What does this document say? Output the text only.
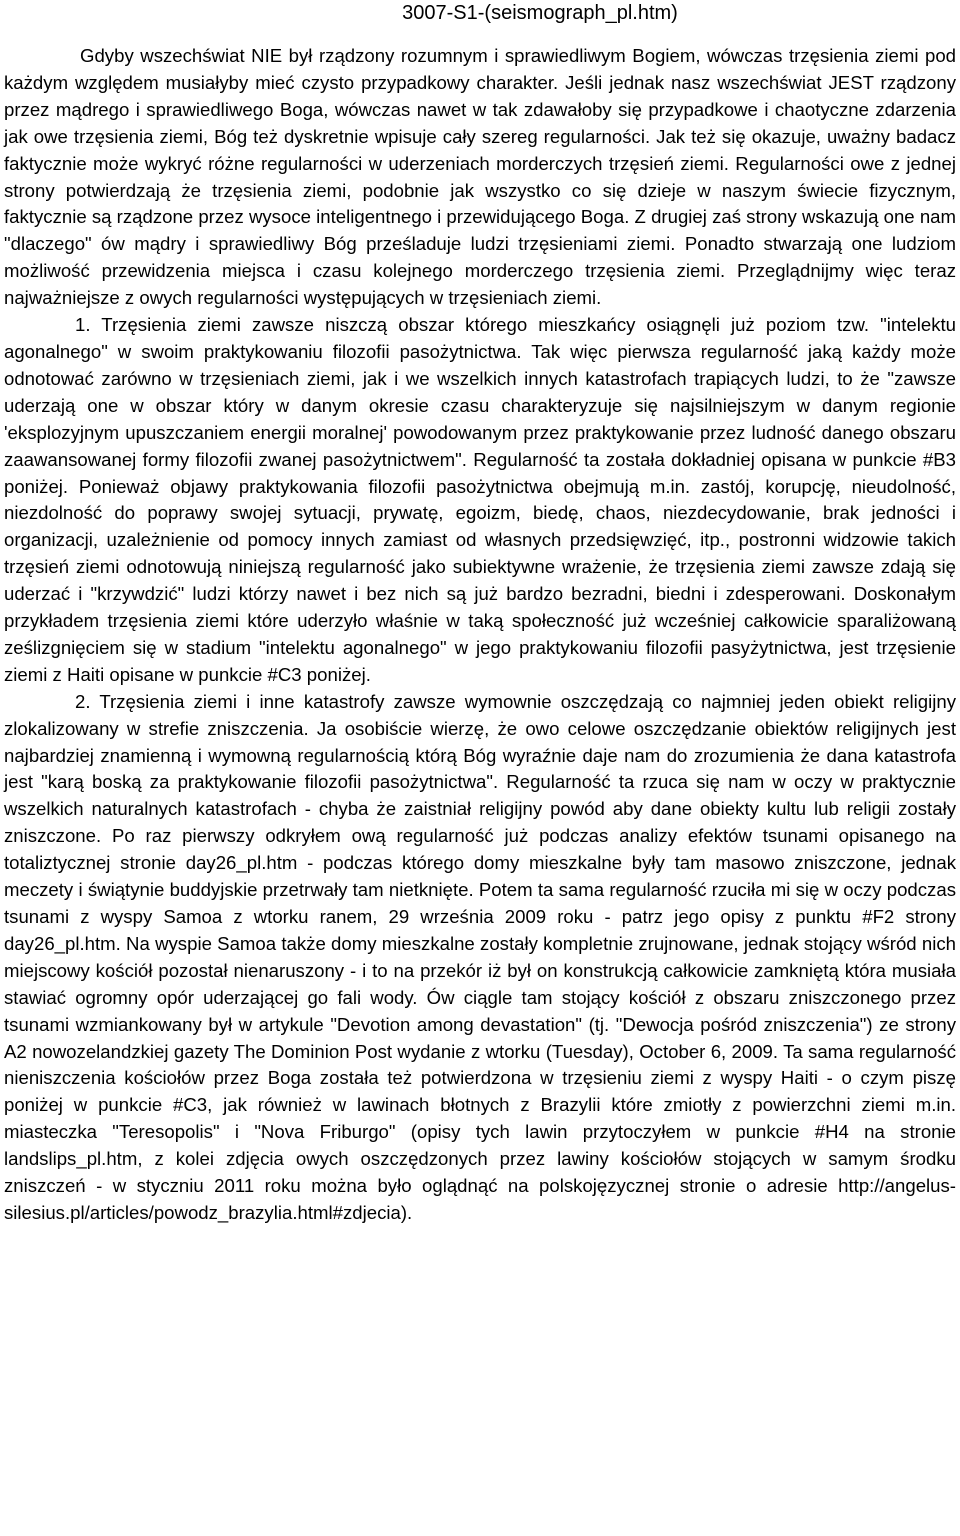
3007-S1-(seismograph_pl.htm)

Gdyby wszechświat NIE był rządzony rozumnym i sprawiedliwym Bogiem, wówczas trzęsienia ziemi pod każdym względem musiałyby mieć czysto przypadkowy charakter. Jeśli jednak nasz wszechświat JEST rządzony przez mądrego i sprawiedliwego Boga, wówczas nawet w tak zdawałoby się przypadkowe i chaotyczne zdarzenia jak owe trzęsienia ziemi, Bóg też dyskretnie wpisuje cały szereg regularności. Jak też się okazuje, uważny badacz faktycznie może wykryć różne regularności w uderzeniach morderczych trzęsień ziemi. Regularności owe z jednej strony potwierdzają że trzęsienia ziemi, podobnie jak wszystko co się dzieje w naszym świecie fizycznym, faktycznie są rządzone przez wysoce inteligentnego i przewidującego Boga. Z drugiej zaś strony wskazują one nam "dlaczego" ów mądry i sprawiedliwy Bóg prześladuje ludzi trzęsieniami ziemi. Ponadto stwarzają one ludziom możliwość przewidzenia miejsca i czasu kolejnego morderczego trzęsienia ziemi. Przeglądnijmy więc teraz najważniejsze z owych regularności występujących w trzęsieniach ziemi.

1. Trzęsienia ziemi zawsze niszczą obszar którego mieszkańcy osiągnęli już poziom tzw. "intelektu agonalnego" w swoim praktykowaniu filozofii pasożytnictwa. Tak więc pierwsza regularność jaką każdy może odnotować zarówno w trzęsieniach ziemi, jak i we wszelkich innych katastrofach trapiących ludzi, to że "zawsze uderzają one w obszar który w danym okresie czasu charakteryzuje się najsilniejszym w danym regionie 'eksplozyjnym upuszczaniem energii moralnej' powodowanym przez praktykowanie przez ludność danego obszaru zaawansowanej formy filozofii zwanej pasożytnictwem". Regularność ta została dokładniej opisana w punkcie #B3 poniżej. Ponieważ objawy praktykowania filozofii pasożytnictwa obejmują m.in. zastój, korupcję, nieudolność, niezdolność do poprawy swojej sytuacji, prywatę, egoizm, biedę, chaos, niezdecydowanie, brak jedności i organizacji, uzależnienie od pomocy innych zamiast od własnych przedsięwzięć, itp., postronni widzowie takich trzęsień ziemi odnotowują niniejszą regularność jako subiektywne wrażenie, że trzęsienia ziemi zawsze zdają się uderzać i "krzywdzić" ludzi którzy nawet i bez nich są już bardzo bezradni, biedni i zdesperowani. Doskonałym przykładem trzęsienia ziemi które uderzyło właśnie w taką społeczność już wcześniej całkowicie sparaliżowaną ześlizgnięciem się w stadium "intelektu agonalnego" w jego praktykowaniu filozofii pasyżytnictwa, jest trzęsienie ziemi z Haiti opisane w punkcie #C3 poniżej.

2. Trzęsienia ziemi i inne katastrofy zawsze wymownie oszczędzają co najmniej jeden obiekt religijny zlokalizowany w strefie zniszczenia. Ja osobiście wierzę, że owo celowe oszczędzanie obiektów religijnych jest najbardziej znamienną i wymowną regularnością którą Bóg wyraźnie daje nam do zrozumienia że dana katastrofa jest "karą boską za praktykowanie filozofii pasożytnictwa". Regularność ta rzuca się nam w oczy w praktycznie wszelkich naturalnych katastrofach - chyba że zaistniał religijny powód aby dane obiekty kultu lub religii zostały zniszczone. Po raz pierwszy odkryłem ową regularność już podczas analizy efektów tsunami opisanego na totaliztycznej stronie day26_pl.htm - podczas którego domy mieszkalne były tam masowo zniszczone, jednak meczety i świątynie buddyjskie przetrwały tam nietknięte. Potem ta sama regularność rzuciła mi się w oczy podczas tsunami z wyspy Samoa z wtorku ranem, 29 września 2009 roku - patrz jego opisy z punktu #F2 strony day26_pl.htm. Na wyspie Samoa także domy mieszkalne zostały kompletnie zrujnowane, jednak stojący wśród nich miejscowy kościół pozostał nienaruszony - i to na przekór iż był on konstrukcją całkowicie zamkniętą która musiała stawiać ogromny opór uderzającej go fali wody. Ów ciągle tam stojący kościół z obszaru zniszczonego przez tsunami wzmiankowany był w artykule "Devotion among devastation" (tj. "Dewocja pośród zniszczenia") ze strony A2 nowozelandzkiej gazety The Dominion Post wydanie z wtorku (Tuesday), October 6, 2009. Ta sama regularność nieniszczenia kościołów przez Boga została też potwierdzona w trzęsieniu ziemi z wyspy Haiti - o czym piszę poniżej w punkcie #C3, jak również w lawinach błotnych z Brazylii które zmiotły z powierzchni ziemi m.in. miasteczka "Teresopolis" i "Nova Friburgo" (opisy tych lawin przytoczyłem w punkcie #H4 na stronie landslips_pl.htm, z kolei zdjęcia owych oszczędzonych przez lawiny kościołów stojących w samym środku zniszczeń - w styczniu 2011 roku można było oglądnąć na polskojęzycznej stronie o adresie http://angelus-silesius.pl/articles/powodz_brazylia.html#zdjecia).
